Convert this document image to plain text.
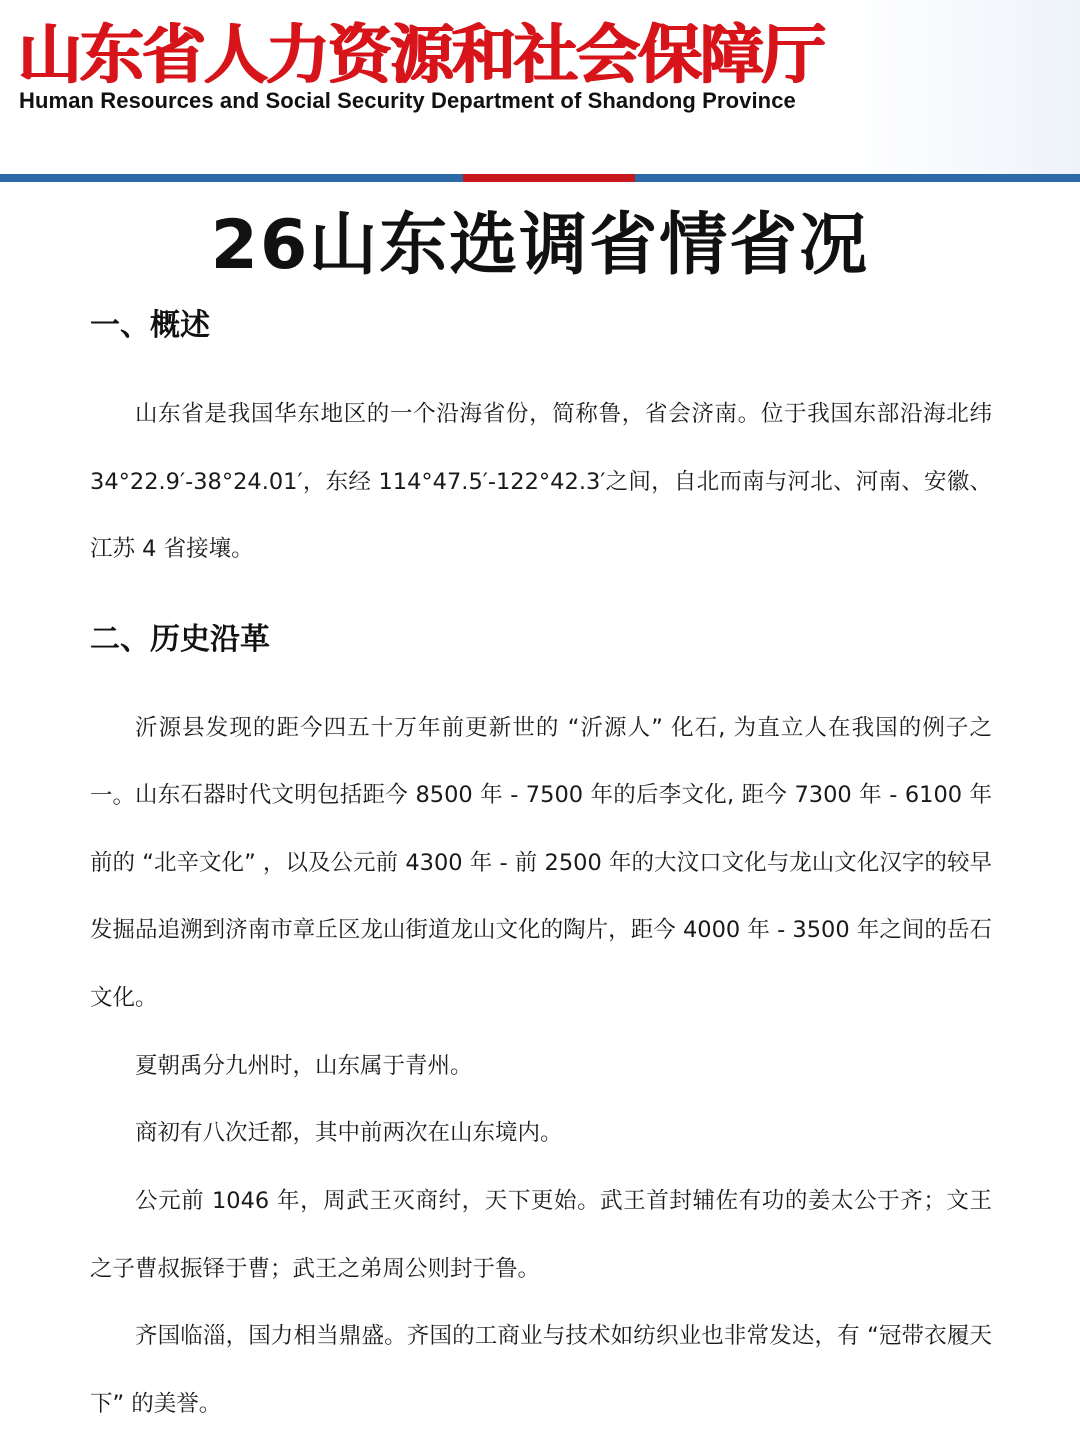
山东省人力资源和社会保障厅
Human Resources and Social Security Department of Shandong Province
26山东选调省情省况
一、概述

山东省是我国华东地区的一个沿海省份，简称鲁，省会济南。位于我国东部沿海北纬34°22.9′-38°24.01′，东经 114°47.5′-122°42.3′之间，自北而南与河北、河南、安徽、江苏 4 省接壤。

二、历史沿革

沂源县发现的距今四五十万年前更新世的 “沂源人” 化石, 为直立人在我国的例子之一。 山东石器时代文明包括距今 8500 年 - 7500 年的后李文化, 距今 7300 年 - 6100 年前的 “北辛文化” ，以及公元前 4300 年 - 前 2500 年的大汶口文化与龙山文化汉字的较早发掘品追溯到济南市章丘区龙山街道龙山文化的陶片，距今 4000 年 - 3500 年之间的岳石文化。

夏朝禹分九州时，山东属于青州。

商初有八次迁都，其中前两次在山东境内。

公元前 1046 年，周武王灭商纣，天下更始。武王首封辅佐有功的姜太公于齐；文王之子曹叔振铎于曹；武王之弟周公则封于鲁。

齐国临淄，国力相当鼎盛。齐国的工商业与技术如纺织业也非常发达，有 “冠带衣履天下” 的美誉。
